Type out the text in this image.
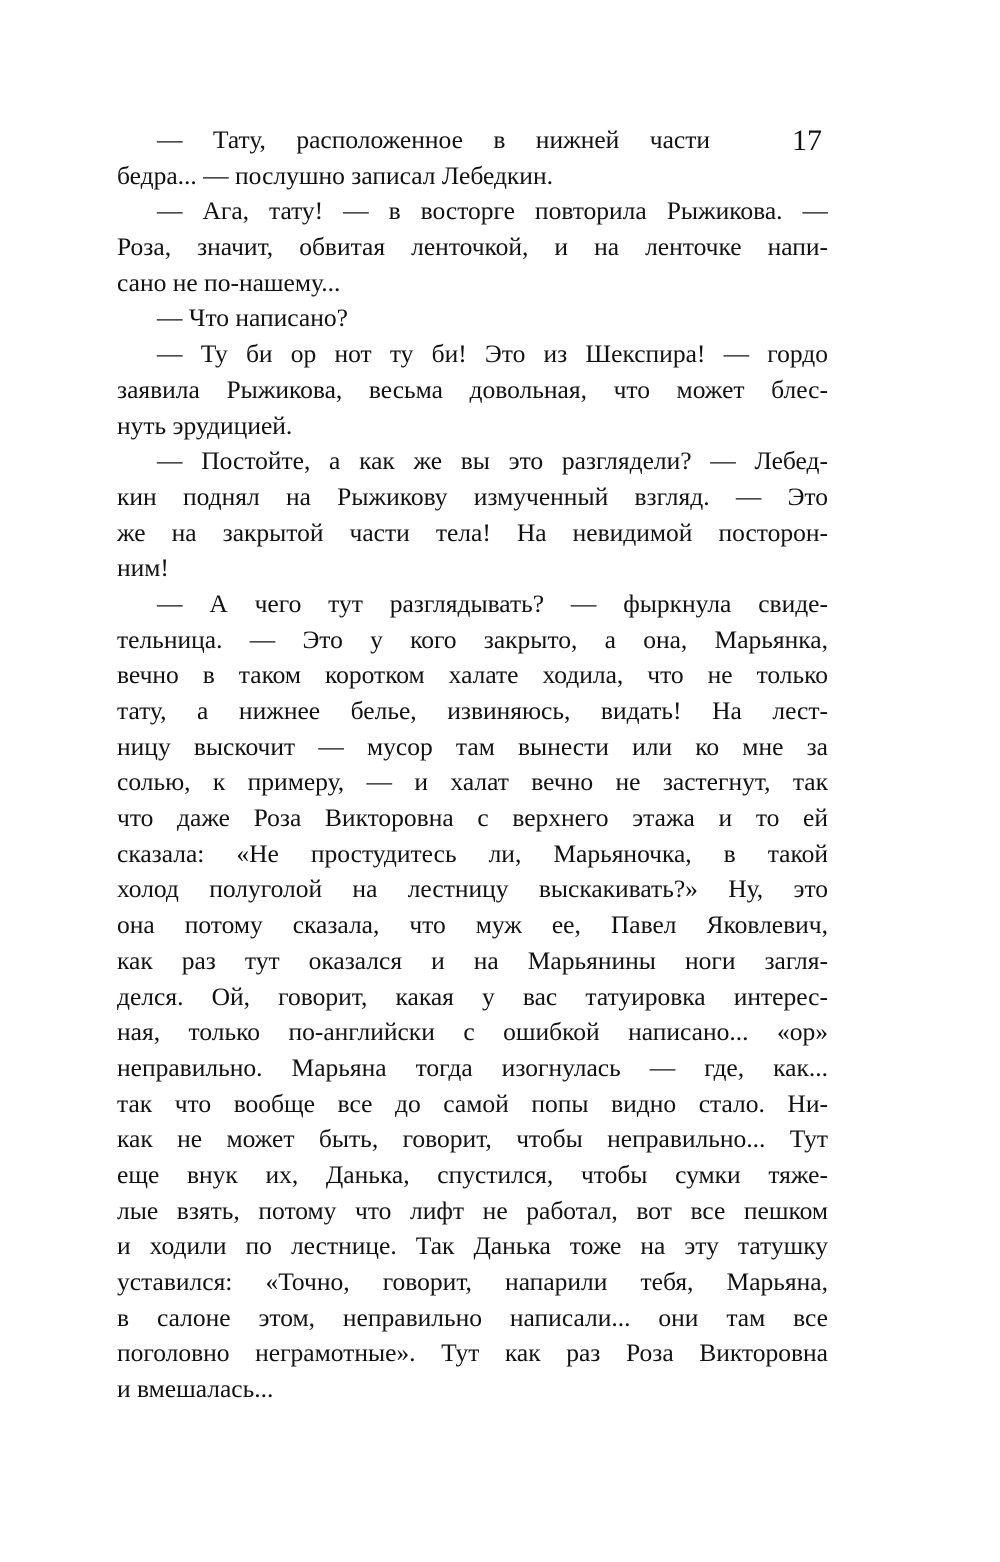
17
— Тату, расположенное в нижней части
бедра... — послушно записал Лебедкин.
— Ага, тату! — в восторге повторила Рыжикова. —
Роза, значит, обвитая ленточкой, и на ленточке напи-
сано не по-нашему...
— Что написано?
— Ту би ор нот ту би! Это из Шекспира! — гордо
заявила Рыжикова, весьма довольная, что может блес-
нуть эрудицией.
— Постойте, а как же вы это разглядели? — Лебед-
кин поднял на Рыжикову измученный взгляд. — Это
же на закрытой части тела! На невидимой посторон-
ним!
— А чего тут разглядывать? — фыркнула свиде-
тельница. — Это у кого закрыто, а она, Марьянка,
вечно в таком коротком халате ходила, что не только
тату, а нижнее белье, извиняюсь, видать! На лест-
ницу выскочит — мусор там вынести или ко мне за
солью, к примеру, — и халат вечно не застегнут, так
что даже Роза Викторовна с верхнего этажа и то ей
сказала: «Не простудитесь ли, Марьяночка, в такой
холод полуголой на лестницу выскакивать?» Ну, это
она потому сказала, что муж ее, Павел Яковлевич,
как раз тут оказался и на Марьянины ноги загля-
делся. Ой, говорит, какая у вас татуировка интерес-
ная, только по-английски с ошибкой написано... «ор»
неправильно. Марьяна тогда изогнулась — где, как...
так что вообще все до самой попы видно стало. Ни-
как не может быть, говорит, чтобы неправильно... Тут
еще внук их, Данька, спустился, чтобы сумки тяже-
лые взять, потому что лифт не работал, вот все пешком
и ходили по лестнице. Так Данька тоже на эту татушку
уставился: «Точно, говорит, напарили тебя, Марьяна,
в салоне этом, неправильно написали... они там все
поголовно неграмотные». Тут как раз Роза Викторовна
и вмешалась...
